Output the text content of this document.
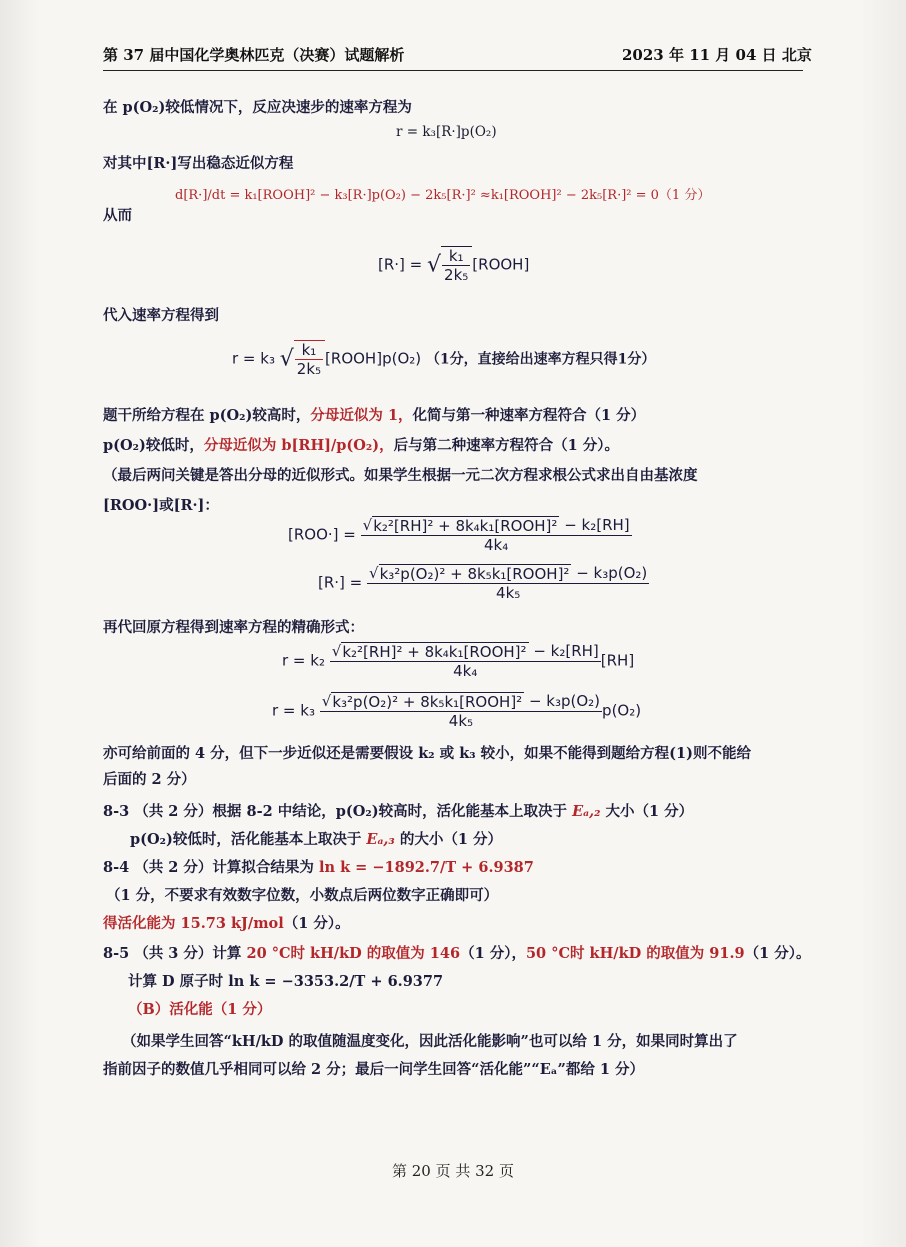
第 37 届中国化学奥林匹克（决赛）试题解析	2023 年 11 月 04 日 北京
在 p(O₂)较低情况下，反应决速步的速率方程为
r = k₃[R·]p(O₂)
对其中[R·]写出稳态近似方程
d[R·]/dt = k₁[ROOH]² − k₃[R·]p(O₂) − 2k₅[R·]² ≈k₁[ROOH]² − 2k₅[R·]² = 0（1 分）
从而
[R·] = √ $\frac{\text{k₁}}{\text{2k₅}}$ [ROOH]
代入速率方程得到
r = k₃ √ $\frac{\text{k₁}}{\text{2k₅}}$ [ROOH]p(O₂) （1分，直接给出速率方程只得1分）
题干所给方程在 p(O₂)较高时，分母近似为 1，化简与第一种速率方程符合（1 分）
p(O₂)较低时，分母近似为 b[RH]/p(O₂)，后与第二种速率方程符合（1 分）。
（最后两问关键是答出分母的近似形式。如果学生根据一元二次方程求根公式求出自由基浓度
[ROO·]或[R·]：
$[ROO\cdot] = \frac{\text{√k₂²[RH]² + 8k₄k₁[ROOH]² − k₂[RH]}}{\text{4k₄}}$
$[R\cdot] = \frac{\text{√k₃²p(O₂)² + 8k₅k₁[ROOH]² − k₃p(O₂)}}{\text{4k₅}}$
再代回原方程得到速率方程的精确形式：
$r = k_2 \frac{\text{√k₂²[RH]² + 8k₄k₁[ROOH]² − k₂[RH]}}{\text{4k₄}} [RH]$
$r = k_3 \frac{\text{√k₃²p(O₂)² + 8k₅k₁[ROOH]² − k₃p(O₂)}}{\text{4k₅}} p(O_2)$
亦可给前面的 4 分，但下一步近似还是需要假设 k₂ 或 k₃ 较小，如果不能得到题给方程(1)则不能给
后面的 2 分）
8-3 （共 2 分）根据 8-2 中结论，p(O₂)较高时，活化能基本上取决于 Eₐ,₂ 大小（1 分）
p(O₂)较低时，活化能基本上取决于 Eₐ,₃ 的大小（1 分）
8-4 （共 2 分）计算拟合结果为 ln k = −1892.7/T + 6.9387
（1 分，不要求有效数字位数，小数点后两位数字正确即可）
得活化能为 15.73 kJ/mol（1 分）。
8-5 （共 3 分）计算 20 °C时 kH/kD 的取值为 146（1 分），50 °C时 kH/kD 的取值为 91.9（1 分）。
计算 D 原子时 ln k = −3353.2/T + 6.9377
（B）活化能（1 分）
（如果学生回答“kH/kD 的取值随温度变化，因此活化能影响”也可以给 1 分，如果同时算出了
指前因子的数值几乎相同可以给 2 分；最后一问学生回答“活化能”“Eₐ”都给 1 分）
第 20 页 共 32 页
